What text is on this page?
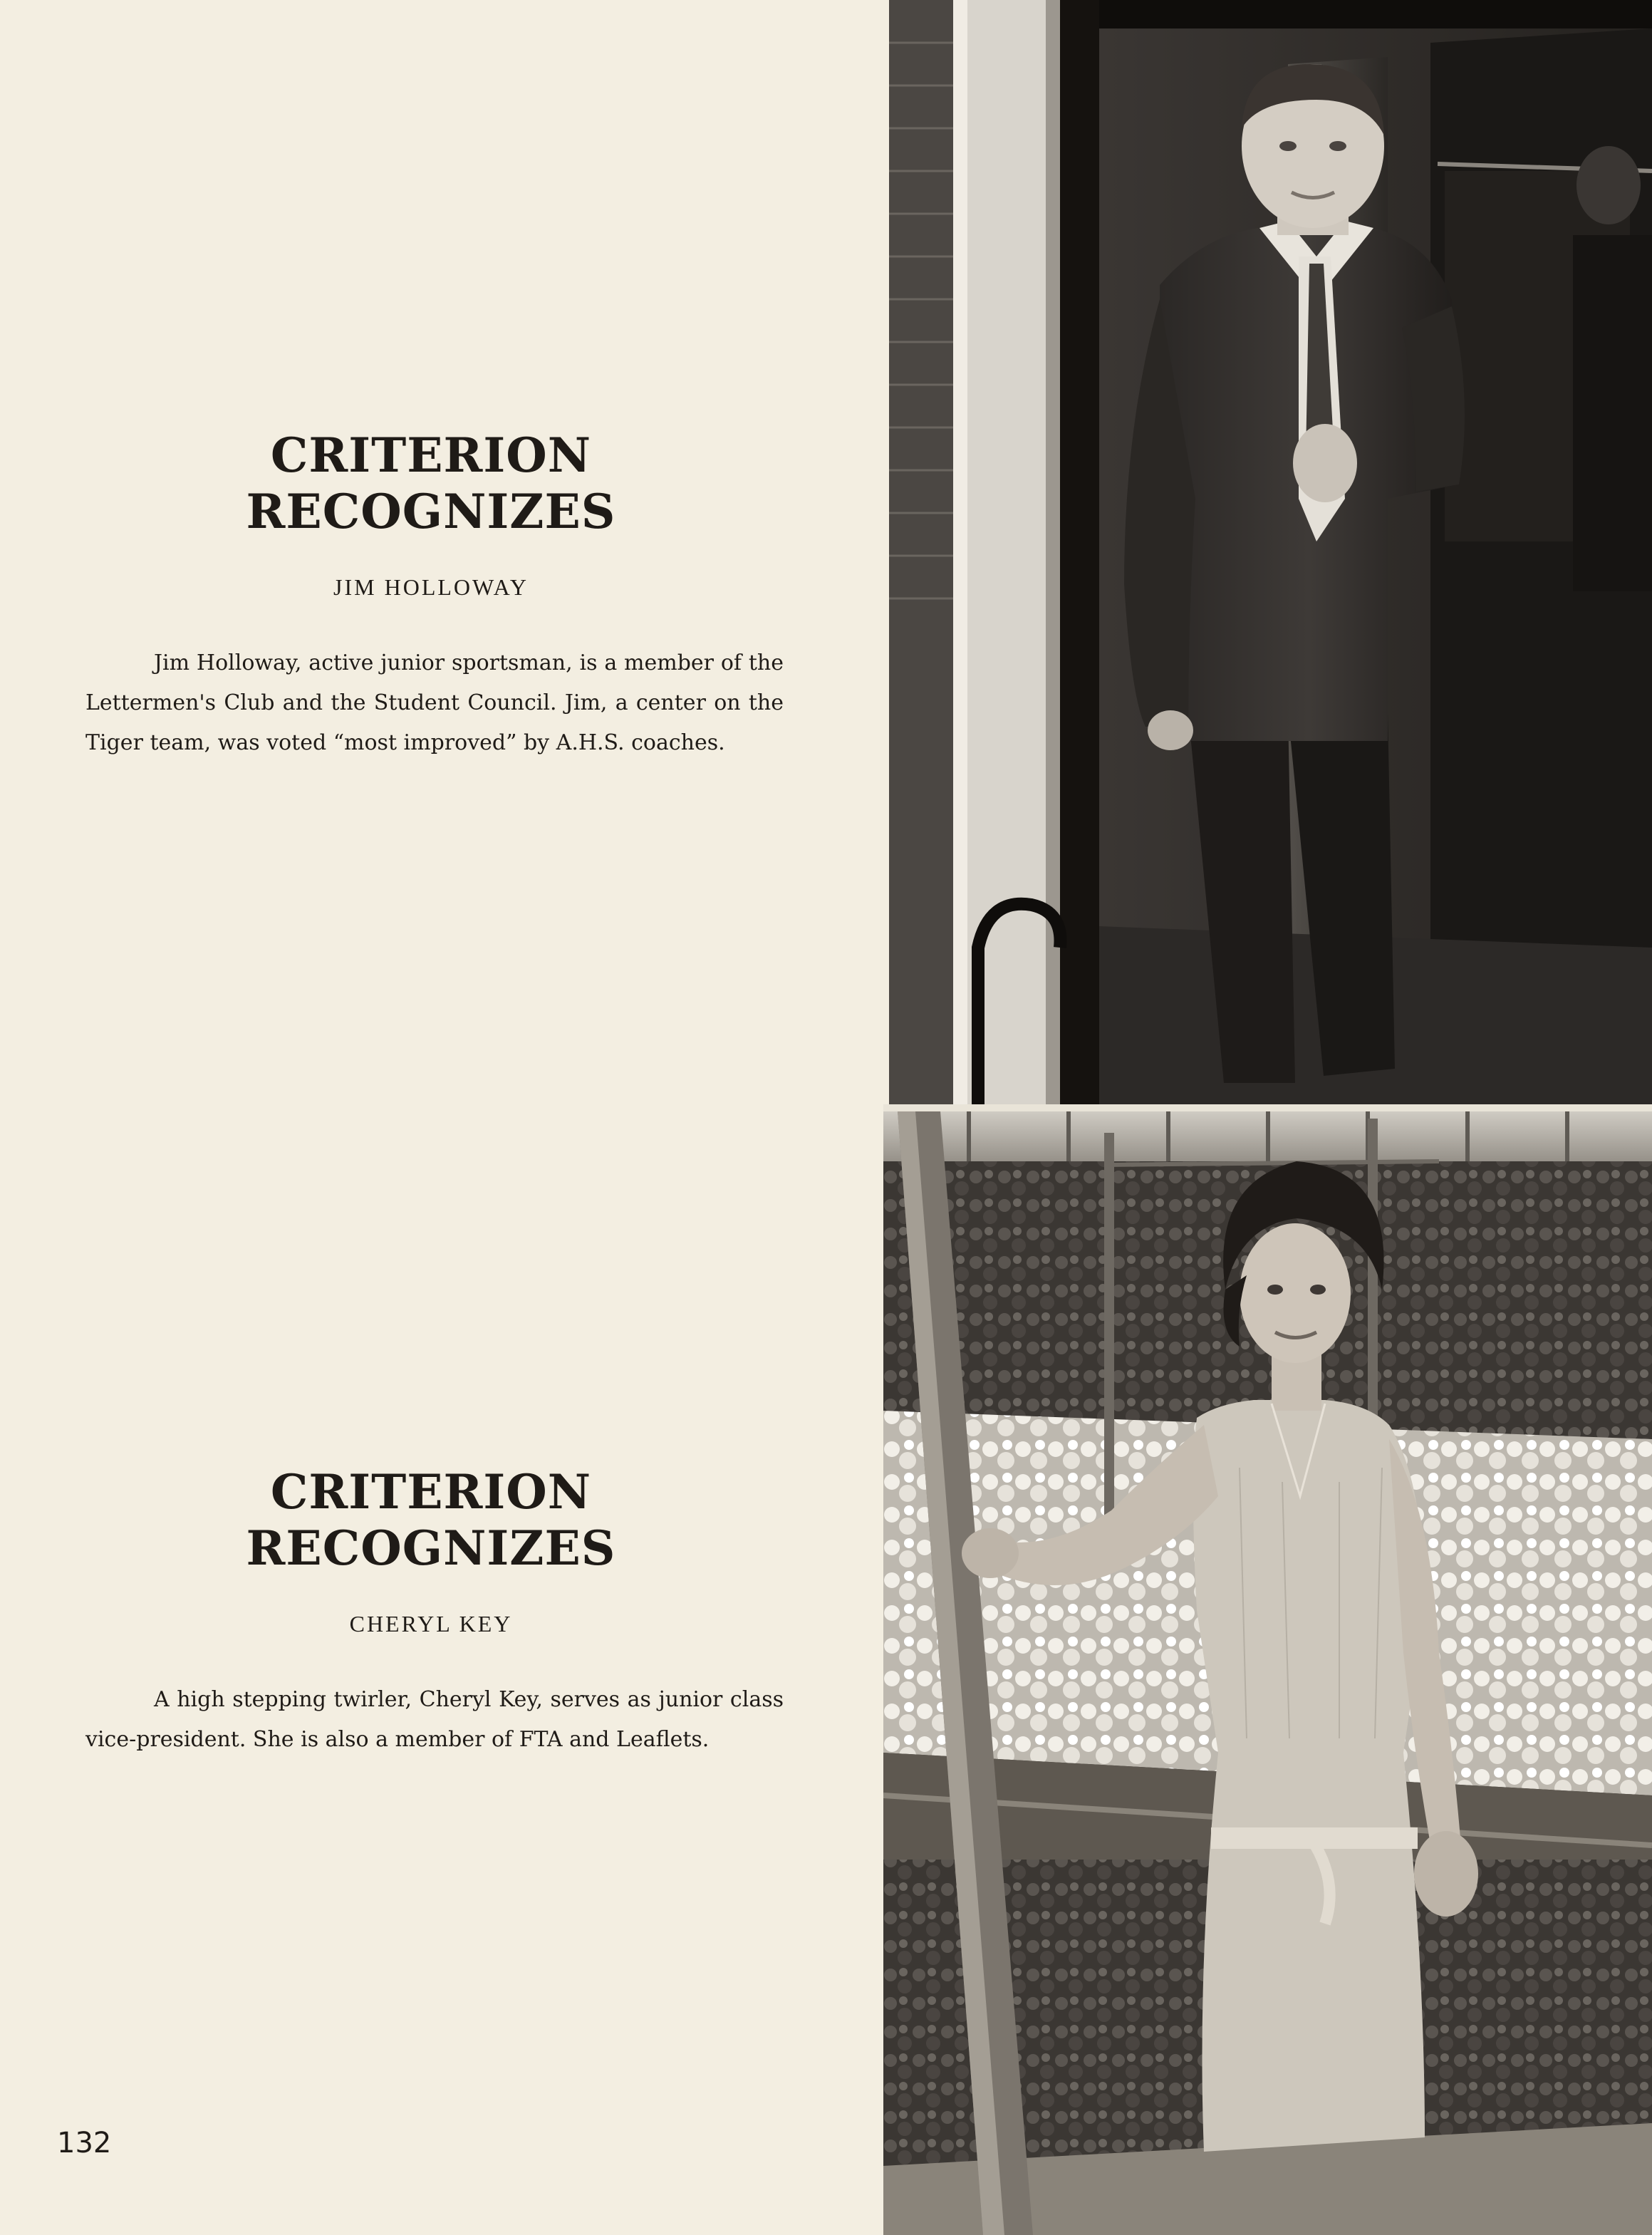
CRITERION RECOGNIZES
JIM HOLLOWAY

Jim Holloway, active junior sportsman, is a member of the Lettermen's Club and the Student Council. Jim, a center on the Tiger team, was voted “most improved” by A.H.S. coaches.

CRITERION RECOGNIZES
CHERYL KEY

A high stepping twirler, Cheryl Key, serves as junior class vice-president. She is also a member of FTA and Leaflets.

132
